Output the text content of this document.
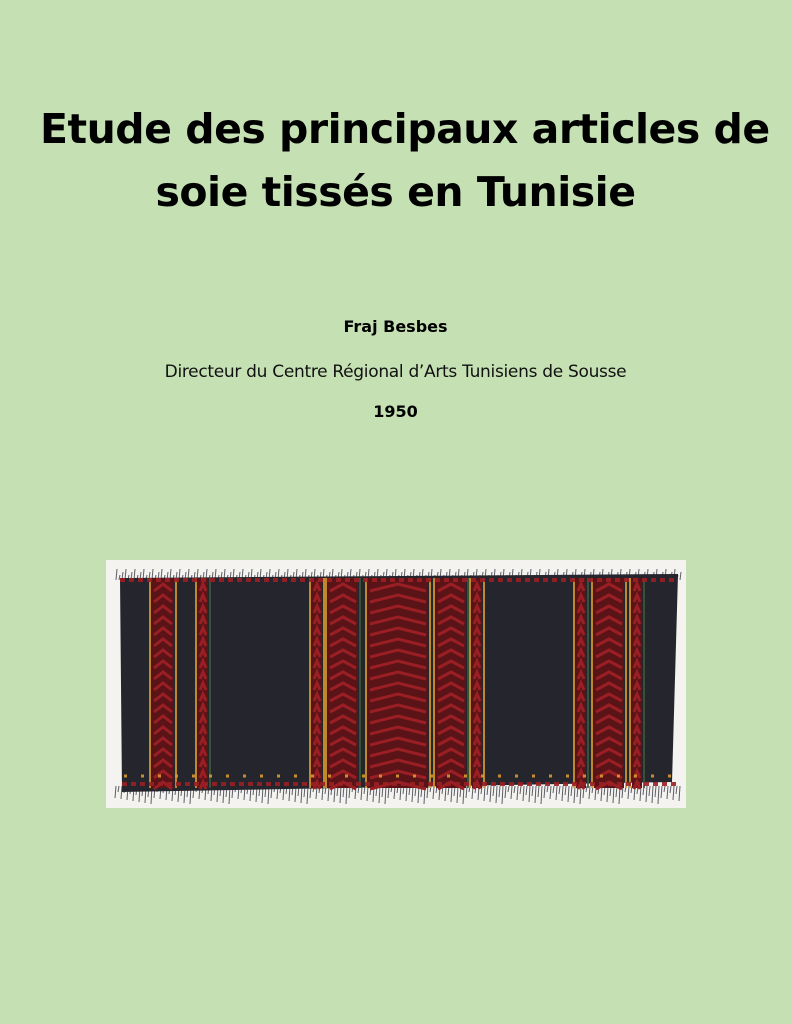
Etude des principaux articles de
soie tissés en Tunisie
Fraj Besbes
Directeur du Centre Régional d’Arts Tunisiens de Sousse
1950
